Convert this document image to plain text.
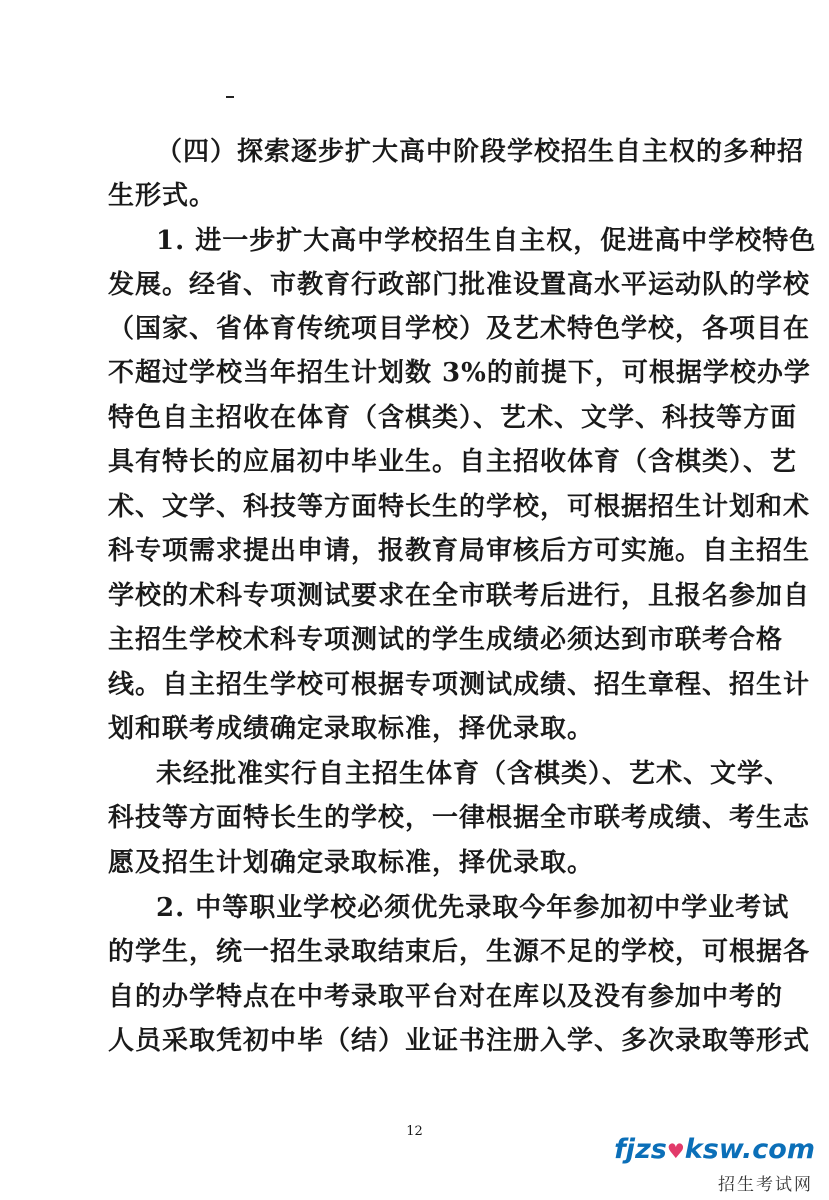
（四）探索逐步扩大高中阶段学校招生自主权的多种招
生形式。
1. 进一步扩大高中学校招生自主权，促进高中学校特色
发展。经省、市教育行政部门批准设置高水平运动队的学校
（国家、省体育传统项目学校）及艺术特色学校，各项目在
不超过学校当年招生计划数 3%的前提下，可根据学校办学
特色自主招收在体育（含棋类）、艺术、文学、科技等方面
具有特长的应届初中毕业生。自主招收体育（含棋类）、艺
术、文学、科技等方面特长生的学校，可根据招生计划和术
科专项需求提出申请，报教育局审核后方可实施。自主招生
学校的术科专项测试要求在全市联考后进行，且报名参加自
主招生学校术科专项测试的学生成绩必须达到市联考合格
线。自主招生学校可根据专项测试成绩、招生章程、招生计
划和联考成绩确定录取标准，择优录取。
未经批准实行自主招生体育（含棋类）、艺术、文学、
科技等方面特长生的学校，一律根据全市联考成绩、考生志
愿及招生计划确定录取标准，择优录取。
2. 中等职业学校必须优先录取今年参加初中学业考试
的学生，统一招生录取结束后，生源不足的学校，可根据各
自的办学特点在中考录取平台对在库以及没有参加中考的
人员采取凭初中毕（结）业证书注册入学、多次录取等形式
12
fjzs♥ksw.com
招生考试网
